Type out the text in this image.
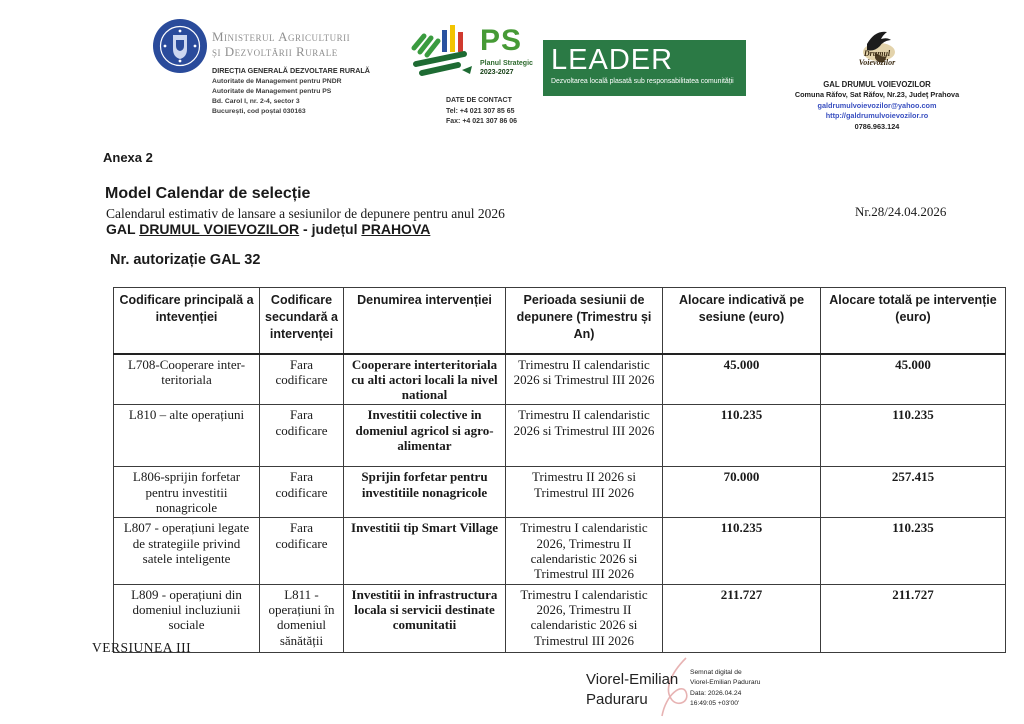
Ministerul Agriculturii
și Dezvoltării Rurale
DIRECȚIA GENERALĂ DEZVOLTARE RURALĂ
Autoritate de Management pentru PNDR
Autoritate de Management pentru PS
Bd. Carol I, nr. 2-4, sector 3
București, cod poștal 030163
PS
Planul Strategic
2023-2027
DATE DE CONTACT
Tel: +4 021 307 85 65
Fax: +4 021 307 86 06
LEADER
Dezvoltarea locală plasată sub responsabilitatea comunității
Drumul
Voievozilor
GAL DRUMUL VOIEVOZILOR
Comuna Răfov, Sat Răfov, Nr.23, Judeţ Prahova
galdrumulvoievozilor@yahoo.com
http://galdrumulvoievozilor.ro
0786.963.124
Anexa 2
Model Calendar de selecție
Calendarul estimativ de lansare a sesiunilor de depunere pentru anul 2026	Nr.28/24.04.2026
GAL DRUMUL VOIEVOZILOR - județul PRAHOVA
Nr. autorizație GAL 32
Codificare principală a intevenției	Codificare secundară a intervenței	Denumirea intervenției	Perioada sesiunii de depunere (Trimestru și An)	Alocare indicativă pe sesiune (euro)	Alocare totală pe intervenție (euro)
L708-Cooperare inter-teritoriala	Fara codificare	Cooperare interteritoriala cu alti actori locali la nivel national	Trimestru II calendaristic 2026 si Trimestrul III 2026	45.000	45.000
L810 – alte operațiuni	Fara codificare	Investitii colective in domeniul agricol si agro-alimentar	Trimestru II calendaristic 2026 si Trimestrul III 2026	110.235	110.235
L806-sprijin forfetar pentru investitii nonagricole	Fara codificare	Sprijin forfetar pentru investitiile nonagricole	Trimestru II 2026 si Trimestrul III 2026	70.000	257.415
L807 - operațiuni legate de strategiile privind satele inteligente	Fara codificare	Investitii tip Smart Village	Trimestru I calendaristic 2026, Trimestru II calendaristic 2026 si Trimestrul III 2026	110.235	110.235
L809 - operațiuni din domeniul incluziunii sociale	L811 - operațiuni în domeniul sănătății	Investitii in infrastructura locala si servicii destinate comunitatii	Trimestru I calendaristic 2026, Trimestru II calendaristic 2026 si Trimestrul III 2026	211.727	211.727
VERSIUNEA III
Viorel-Emilian Paduraru
Semnat digital de
Viorel-Emilian Paduraru
Data: 2026.04.24
16:49:05 +03'00'
